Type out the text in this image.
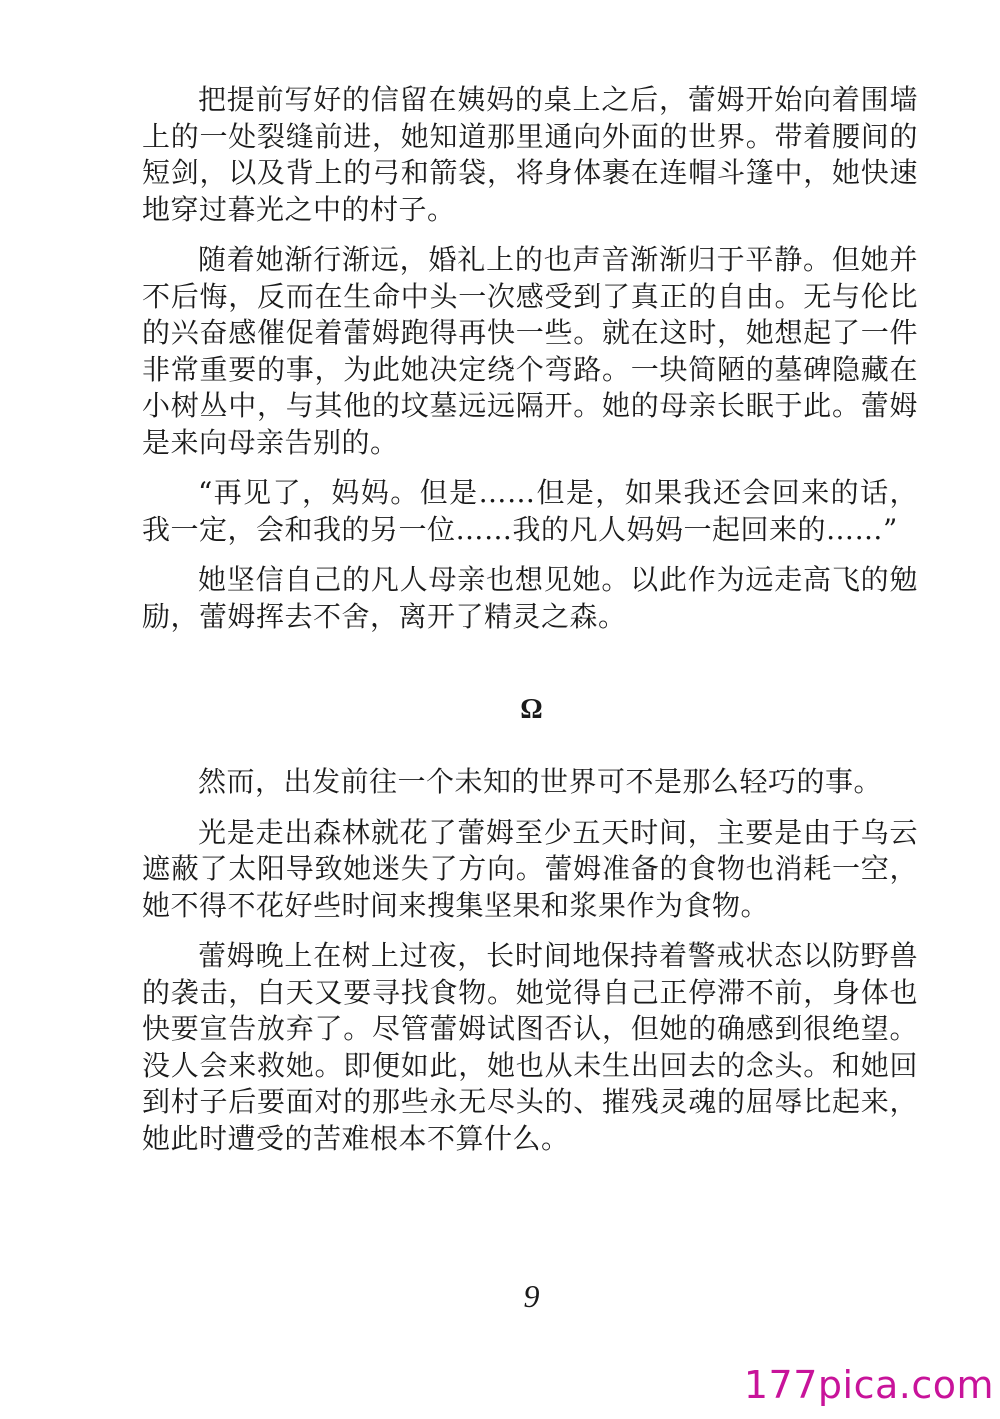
把提前写好的信留在姨妈的桌上之后，蕾姆开始向着围墙上的一处裂缝前进，她知道那里通向外面的世界。带着腰间的短剑，以及背上的弓和箭袋，将身体裹在连帽斗篷中，她快速地穿过暮光之中的村子。

随着她渐行渐远，婚礼上的也声音渐渐归于平静。但她并不后悔，反而在生命中头一次感受到了真正的自由。无与伦比的兴奋感催促着蕾姆跑得再快一些。就在这时，她想起了一件非常重要的事，为此她决定绕个弯路。一块简陋的墓碑隐藏在小树丛中，与其他的坟墓远远隔开。她的母亲长眠于此。蕾姆是来向母亲告别的。

“再见了，妈妈。但是……但是，如果我还会回来的话，我一定，会和我的另一位……我的凡人妈妈一起回来的……”

她坚信自己的凡人母亲也想见她。以此作为远走高飞的勉励，蕾姆挥去不舍，离开了精灵之森。

Ω

然而，出发前往一个未知的世界可不是那么轻巧的事。

光是走出森林就花了蕾姆至少五天时间，主要是由于乌云遮蔽了太阳导致她迷失了方向。蕾姆准备的食物也消耗一空，她不得不花好些时间来搜集坚果和浆果作为食物。

蕾姆晚上在树上过夜，长时间地保持着警戒状态以防野兽的袭击，白天又要寻找食物。她觉得自己正停滞不前，身体也快要宣告放弃了。尽管蕾姆试图否认，但她的确感到很绝望。没人会来救她。即便如此，她也从未生出回去的念头。和她回到村子后要面对的那些永无尽头的、摧残灵魂的屈辱比起来，她此时遭受的苦难根本不算什么。

9
177pica.com
